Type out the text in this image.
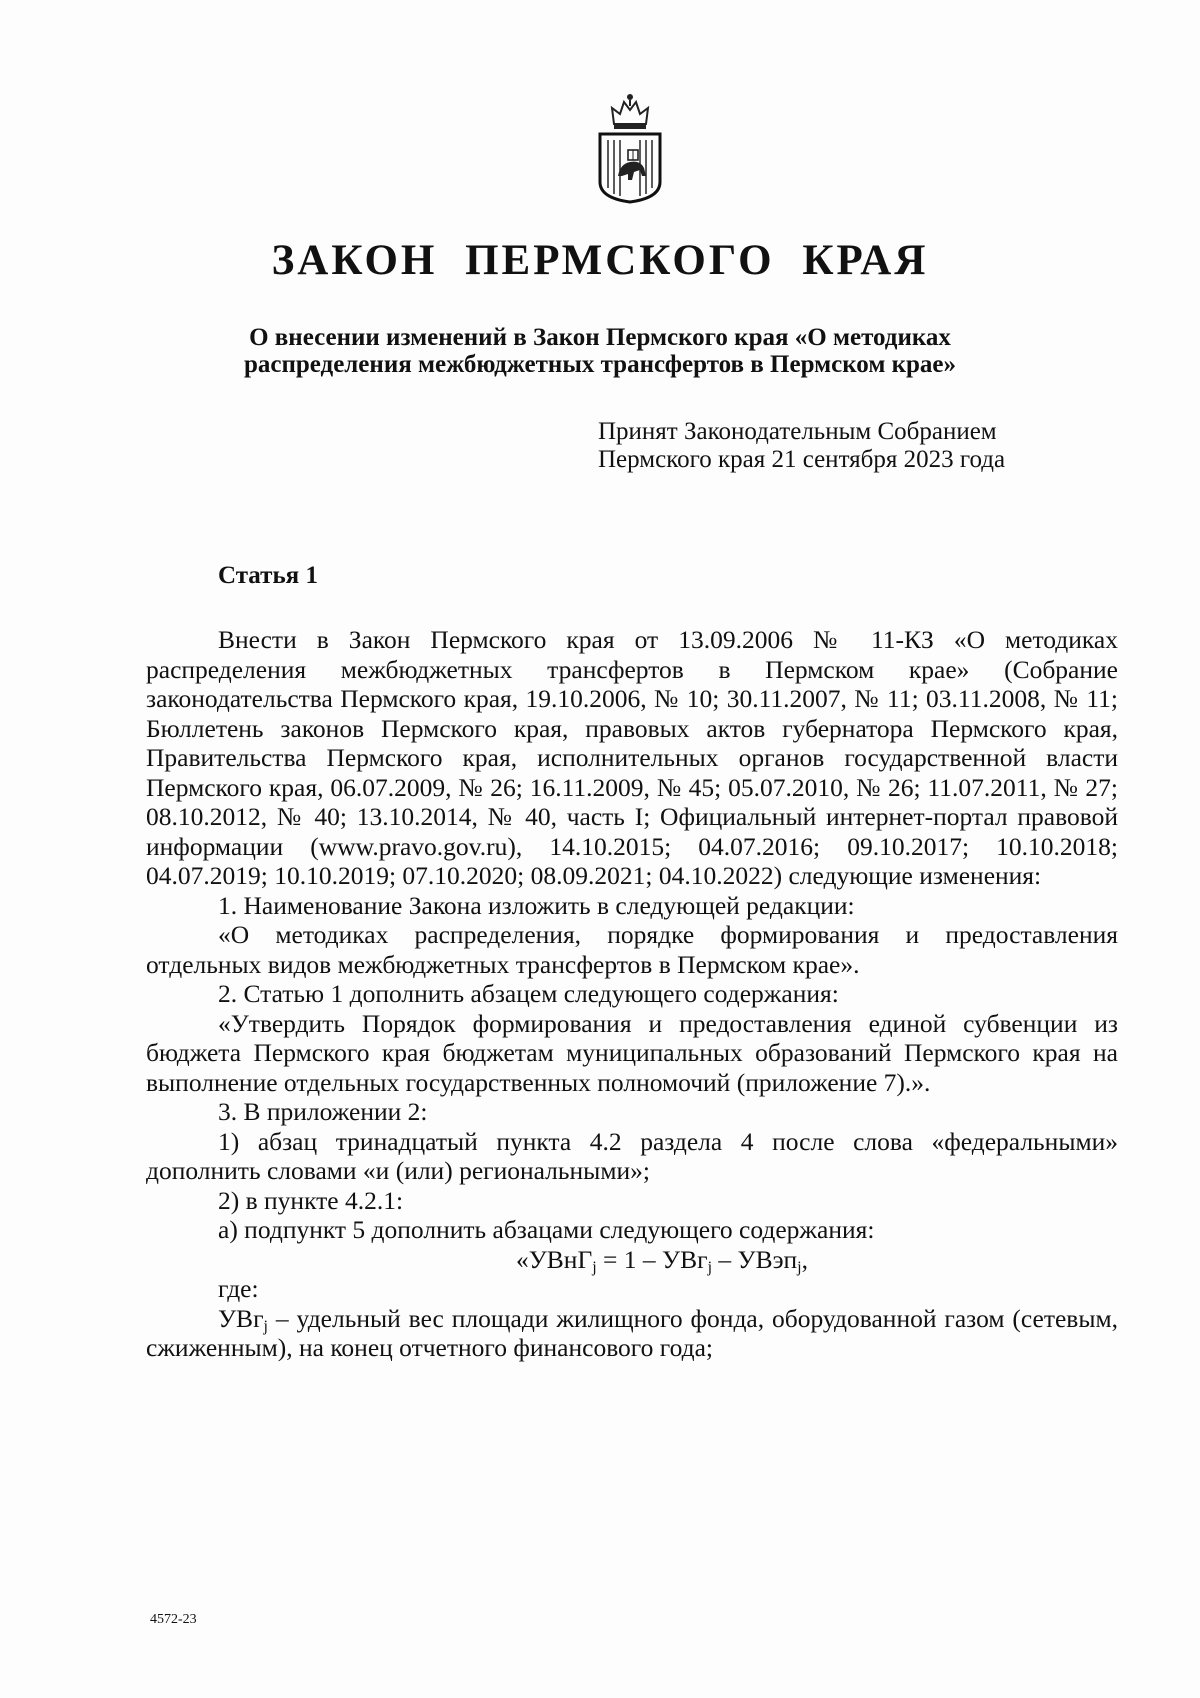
ЗАКОН ПЕРМСКОГО КРАЯ
О внесении изменений в Закон Пермского края «О методиках
распределения межбюджетных трансфертов в Пермском крае»
Принят Законодательным Собранием
Пермского края 21 сентября 2023 года
Статья 1

Внести в Закон Пермского края от 13.09.2006 № 11-КЗ «О методиках распределения межбюджетных трансфертов в Пермском крае» (Собрание законодательства Пермского края, 19.10.2006, № 10; 30.11.2007, № 11; 03.11.2008, № 11; Бюллетень законов Пермского края, правовых актов губернатора Пермского края, Правительства Пермского края, исполнительных органов государственной власти Пермского края, 06.07.2009, № 26; 16.11.2009, № 45; 05.07.2010, № 26; 11.07.2011, № 27; 08.10.2012, № 40; 13.10.2014, № 40, часть I; Официальный интернет-портал правовой информации (www.pravo.gov.ru), 14.10.2015; 04.07.2016; 09.10.2017; 10.10.2018; 04.07.2019; 10.10.2019; 07.10.2020; 08.09.2021; 04.10.2022) следующие изменения:

1. Наименование Закона изложить в следующей редакции:

«О методиках распределения, порядке формирования и предоставления отдельных видов межбюджетных трансфертов в Пермском крае».

2. Статью 1 дополнить абзацем следующего содержания:

«Утвердить Порядок формирования и предоставления единой субвенции из бюджета Пермского края бюджетам муниципальных образований Пермского края на выполнение отдельных государственных полномочий (приложение 7).».

3. В приложении 2:

1) абзац тринадцатый пункта 4.2 раздела 4 после слова «федеральными» дополнить словами «и (или) региональными»;

2) в пункте 4.2.1:

а) подпункт 5 дополнить абзацами следующего содержания:

«УВнГ$_j$ = 1 – УВг$_j$ – УВэп$_j$,

где:

УВг$_j$ – удельный вес площади жилищного фонда, оборудованной газом (сетевым, сжиженным), на конец отчетного финансового года;

4572-23
